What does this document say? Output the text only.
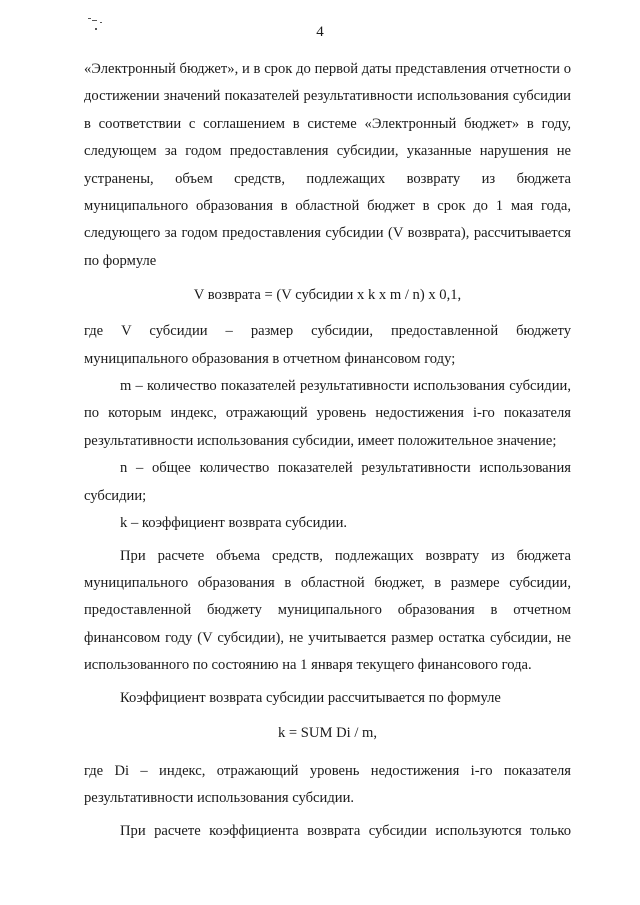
4

«Электронный бюджет», и в срок до первой даты представления отчетности о достижении значений показателей результативности использования субсидии в соответствии с соглашением в системе «Электронный бюджет» в году, следующем за годом предоставления субсидии, указанные нарушения не устранены, объем средств, подлежащих возврату из бюджета муниципального образования в областной бюджет в срок до 1 мая года, следующего за годом предоставления субсидии (V возврата), рассчитывается по формуле

V возврата = (V субсидии x k x m / n) x 0,1,

где V субсидии – размер субсидии, предоставленной бюджету муниципального образования в отчетном финансовом году;

m – количество показателей результативности использования субсидии, по которым индекс, отражающий уровень недостижения i-го показателя результативности использования субсидии, имеет положительное значение;

n – общее количество показателей результативности использования субсидии;

k – коэффициент возврата субсидии.

При расчете объема средств, подлежащих возврату из бюджета муниципального образования в областной бюджет, в размере субсидии, предоставленной бюджету муниципального образования в отчетном финансовом году (V субсидии), не учитывается размер остатка субсидии, не использованного по состоянию на 1 января текущего финансового года.

Коэффициент возврата субсидии рассчитывается по формуле

k = SUM Di / m,

где Di – индекс, отражающий уровень недостижения i-го показателя результативности использования субсидии.

При расчете коэффициента возврата субсидии используются только
